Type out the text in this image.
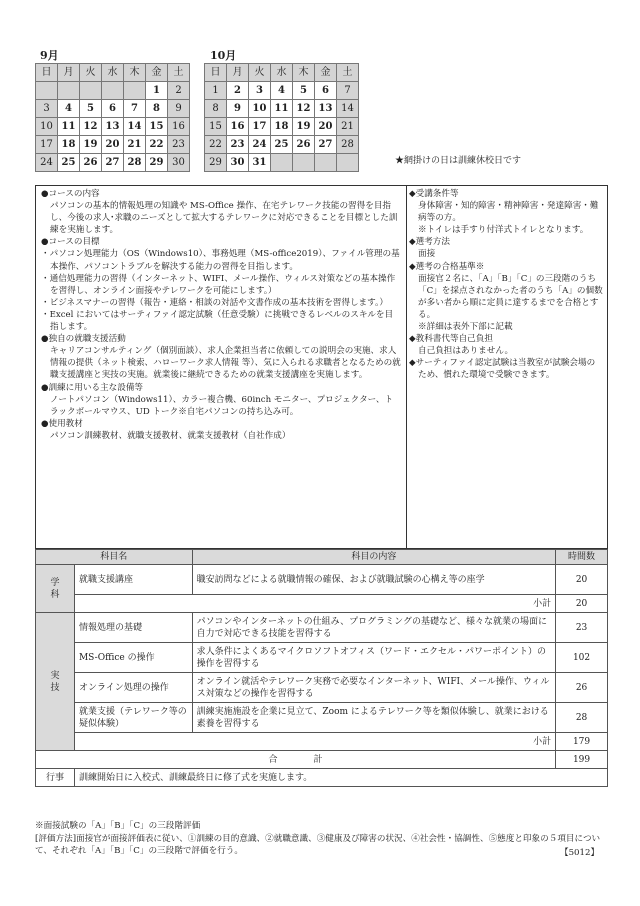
9月
日	月	火	水	木	金	土
					1	2
3	4	5	6	7	8	9
10	11	12	13	14	15	16
17	18	19	20	21	22	23
24	25	26	27	28	29	30
10月
日	月	火	水	木	金	土
1	2	3	4	5	6	7
8	9	10	11	12	13	14
15	16	17	18	19	20	21
22	23	24	25	26	27	28
29	30	31					★網掛けの日は訓練休校日です

●コースの内容

パソコンの基本的情報処理の知識や MS-Office 操作、在宅テレワーク技能の習得を目指し、今後の求人･求職のニーズとして拡大するテレワークに対応できることを目標とした訓練を実施します。

●コースの目標

・パソコン処理能力（OS（Windows10）、事務処理（MS-office2019）、ファイル管理の基本操作、パソコントラブルを解決する能力の習得を目指します。

・通信処理能力の習得（インターネット、WIFI、メール操作、ウィルス対策などの基本操作を習得し、オンライン面接やテレワークを可能にします。）

・ビジネスマナーの習得（報告・連絡・相談の対話や文書作成の基本技術を習得します。）

・Excel においてはサーティファイ認定試験（任意受験）に挑戦できるレベルのスキルを目指します。

●独自の就職支援活動

キャリアコンサルティング（個別面談）、求人企業担当者に依頼しての説明会の実施、求人情報の提供（ネット検索、ハローワーク求人情報 等）、気に入られる求職者となるための就職支援講座と実技の実施。就業後に継続できるための就業支援講座を実施します。

●訓練に用いる主な設備等

ノートパソコン（Windows11）、カラー複合機、60inch モニター、プロジェクター、トラックボールマウス、UD トーク※自宅パソコンの持ち込み可。

●使用教材

パソコン訓練教材、就職支援教材、就業支援教材（自社作成）

◆受講条件等

身体障害・知的障害・精神障害・発達障害・難病等の方。

※トイレは手すり付洋式トイレとなります。

◆選考方法

面接

◆選考の合格基準※

面接官２名に、「A」「B」「C」の三段階のうち「C」を採点されなかった者のうち「A」の個数が多い者から順に定員に達するまでを合格とする。

※詳細は表外下部に記載

◆教科書代等自己負担

自己負担はありません。

◆サーティファイ認定試験は当教室が試験会場のため、慣れた環境で受験できます。

科目名		科目の内容	時間数
学科	就職支援講座	職安訪問などによる就職情報の確保、および就職試験の心構え等の座学	20
	小計		20
実技	情報処理の基礎	パソコンやインターネットの仕組み、プログラミングの基礎など、様々な就業の場面に自力で対応できる技能を習得する	23
	MS-Office の操作	求人条件によくあるマイクロソフトオフィス（ワード・エクセル・パワーポイント）の操作を習得する	102
	オンライン処理の操作	オンライン就活やテレワーク実務で必要なインターネット、WIFI、メール操作、ウィルス対策などの操作を習得する	26
	就業支援（テレワーク等の疑似体験）	訓練実施施設を企業に見立て、Zoom によるテレワーク等を類似体験し、就業における素養を習得する	28
	小計		179
合　　　　計			199
行事	訓練開始日に入校式、訓練最終日に修了式を実施します。		
※面接試験の「A」「B」「C」の三段階評価
[評価方法]面接官が面接評価表に従い、①訓練の目的意識、②就職意識、③健康及び障害の状況、④社会性・協調性、⑤態度と印象の５項目について、それぞれ「A」「B」「C」の三段階で評価を行う。	【5012】
